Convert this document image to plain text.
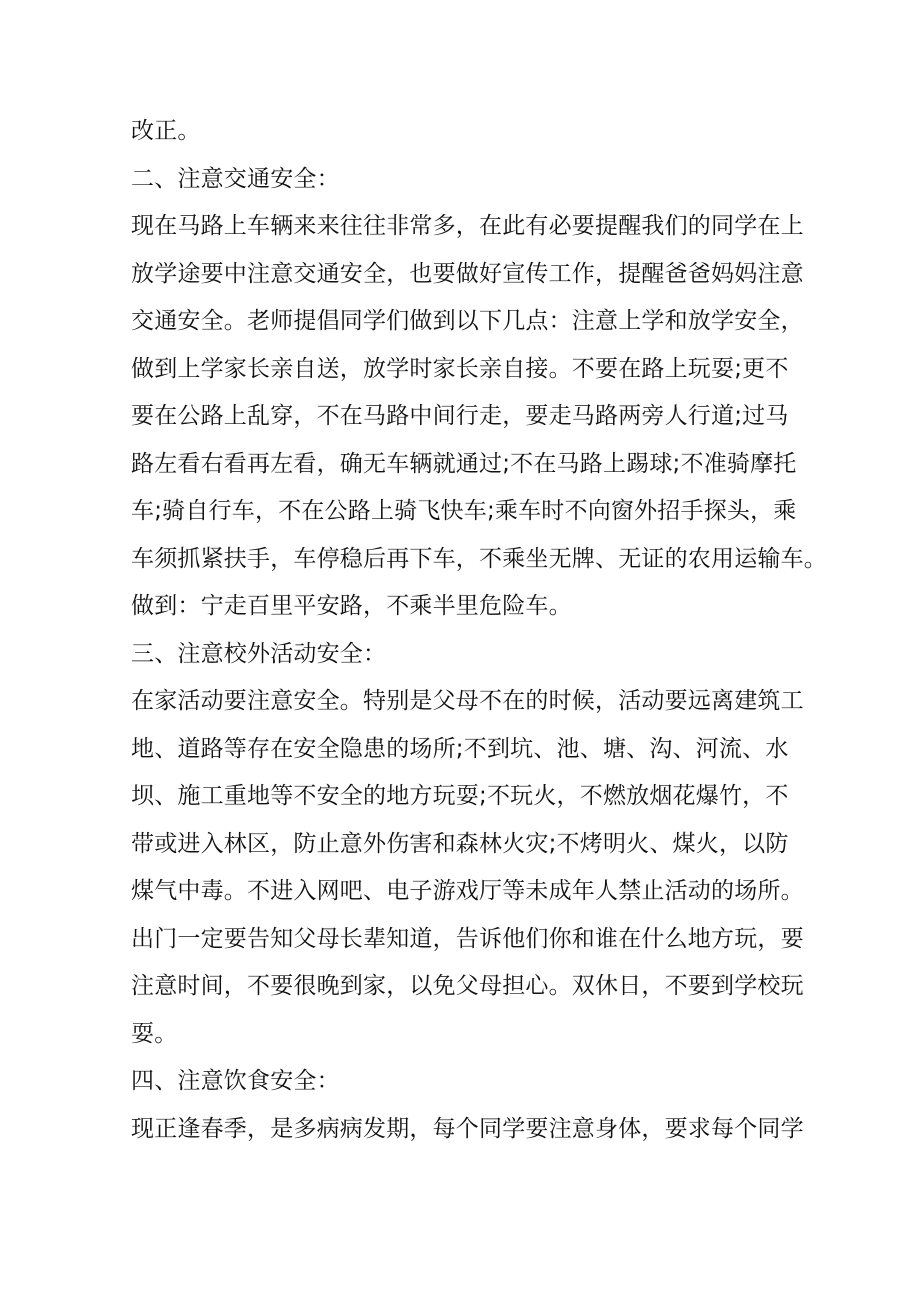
改正。
二、注意交通安全：
现在马路上车辆来来往往非常多，在此有必要提醒我们的同学在上
放学途要中注意交通安全，也要做好宣传工作，提醒爸爸妈妈注意
交通安全。老师提倡同学们做到以下几点：注意上学和放学安全，
做到上学家长亲自送，放学时家长亲自接。不要在路上玩耍;更不
要在公路上乱穿，不在马路中间行走，要走马路两旁人行道;过马
路左看右看再左看，确无车辆就通过;不在马路上踢球;不准骑摩托
车;骑自行车，不在公路上骑飞快车;乘车时不向窗外招手探头，乘
车须抓紧扶手，车停稳后再下车，不乘坐无牌、无证的农用运输车。
做到：宁走百里平安路，不乘半里危险车。
三、注意校外活动安全：
在家活动要注意安全。特别是父母不在的时候，活动要远离建筑工
地、道路等存在安全隐患的场所;不到坑、池、塘、沟、河流、水
坝、施工重地等不安全的地方玩耍;不玩火，不燃放烟花爆竹，不
带或进入林区，防止意外伤害和森林火灾;不烤明火、煤火，以防
煤气中毒。不进入网吧、电子游戏厅等未成年人禁止活动的场所。
出门一定要告知父母长辈知道，告诉他们你和谁在什么地方玩，要
注意时间，不要很晚到家，以免父母担心。双休日，不要到学校玩
耍。
四、注意饮食安全：
现正逢春季，是多病病发期，每个同学要注意身体，要求每个同学
